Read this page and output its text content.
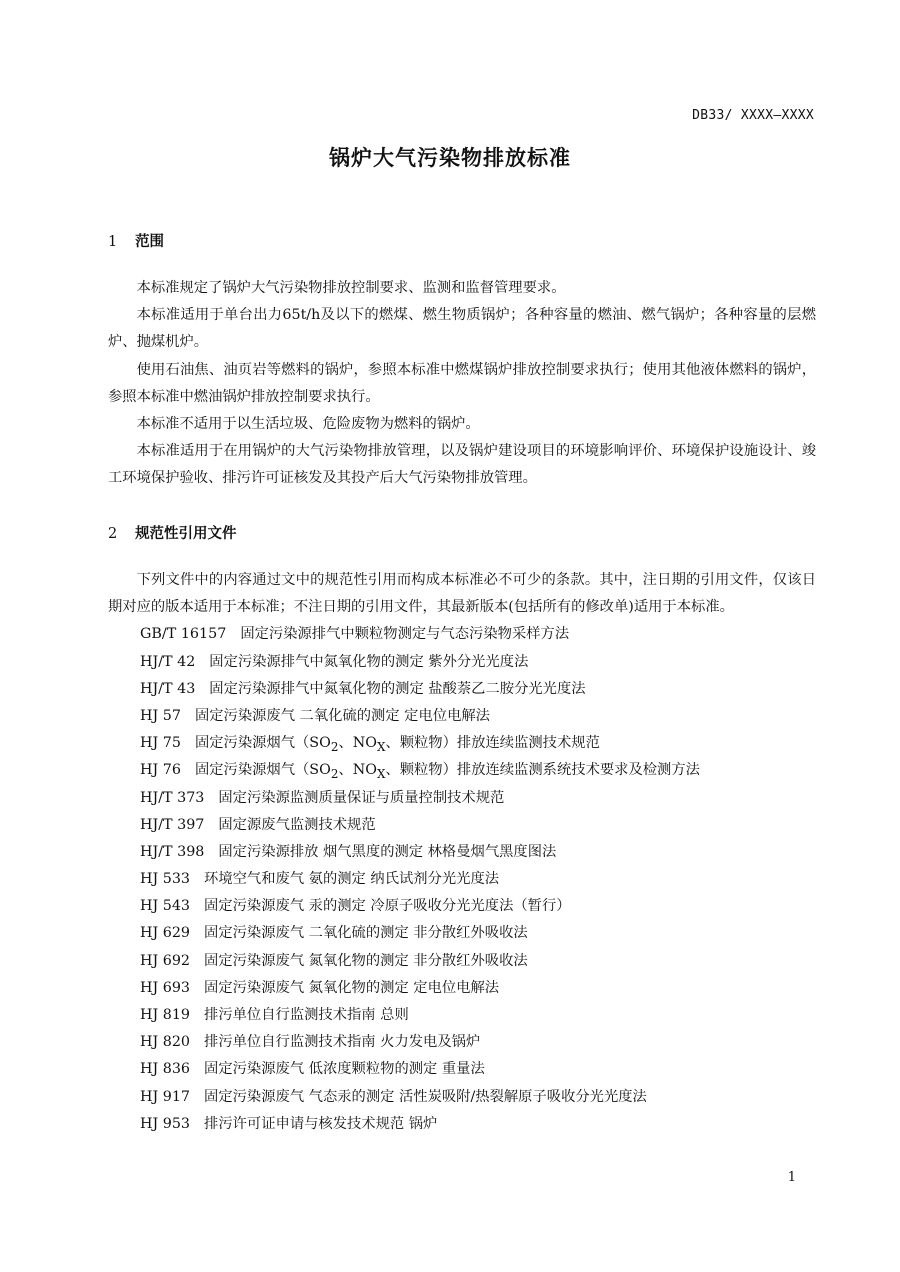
DB33/ XXXX—XXXX
锅炉大气污染物排放标准
1 范围

本标准规定了锅炉大气污染物排放控制要求、监测和监督管理要求。

本标准适用于单台出力65t/h及以下的燃煤、燃生物质锅炉；各种容量的燃油、燃气锅炉；各种容量的层燃炉、抛煤机炉。

使用石油焦、油页岩等燃料的锅炉，参照本标准中燃煤锅炉排放控制要求执行；使用其他液体燃料的锅炉，参照本标准中燃油锅炉排放控制要求执行。

本标准不适用于以生活垃圾、危险废物为燃料的锅炉。

本标准适用于在用锅炉的大气污染物排放管理，以及锅炉建设项目的环境影响评价、环境保护设施设计、竣工环境保护验收、排污许可证核发及其投产后大气污染物排放管理。

2 规范性引用文件

下列文件中的内容通过文中的规范性引用而构成本标准必不可少的条款。其中，注日期的引用文件，仅该日期对应的版本适用于本标准；不注日期的引用文件，其最新版本(包括所有的修改单)适用于本标准。

GB/T 16157 固定污染源排气中颗粒物测定与气态污染物采样方法
HJ/T 42 固定污染源排气中氮氧化物的测定 紫外分光光度法
HJ/T 43 固定污染源排气中氮氧化物的测定 盐酸萘乙二胺分光光度法
HJ 57 固定污染源废气 二氧化硫的测定 定电位电解法
HJ 75 固定污染源烟气（$SO_2$、$NO_X$、颗粒物）排放连续监测技术规范
HJ 76 固定污染源烟气（$SO_2$、$NO_X$、颗粒物）排放连续监测系统技术要求及检测方法
HJ/T 373 固定污染源监测质量保证与质量控制技术规范
HJ/T 397 固定源废气监测技术规范
HJ/T 398 固定污染源排放 烟气黑度的测定 林格曼烟气黑度图法
HJ 533 环境空气和废气 氨的测定 纳氏试剂分光光度法
HJ 543 固定污染源废气 汞的测定 冷原子吸收分光光度法（暂行）
HJ 629 固定污染源废气 二氧化硫的测定 非分散红外吸收法
HJ 692 固定污染源废气 氮氧化物的测定 非分散红外吸收法
HJ 693 固定污染源废气 氮氧化物的测定 定电位电解法
HJ 819 排污单位自行监测技术指南 总则
HJ 820 排污单位自行监测技术指南 火力发电及锅炉
HJ 836 固定污染源废气 低浓度颗粒物的测定 重量法
HJ 917 固定污染源废气 气态汞的测定 活性炭吸附/热裂解原子吸收分光光度法
HJ 953 排污许可证申请与核发技术规范 锅炉
1
